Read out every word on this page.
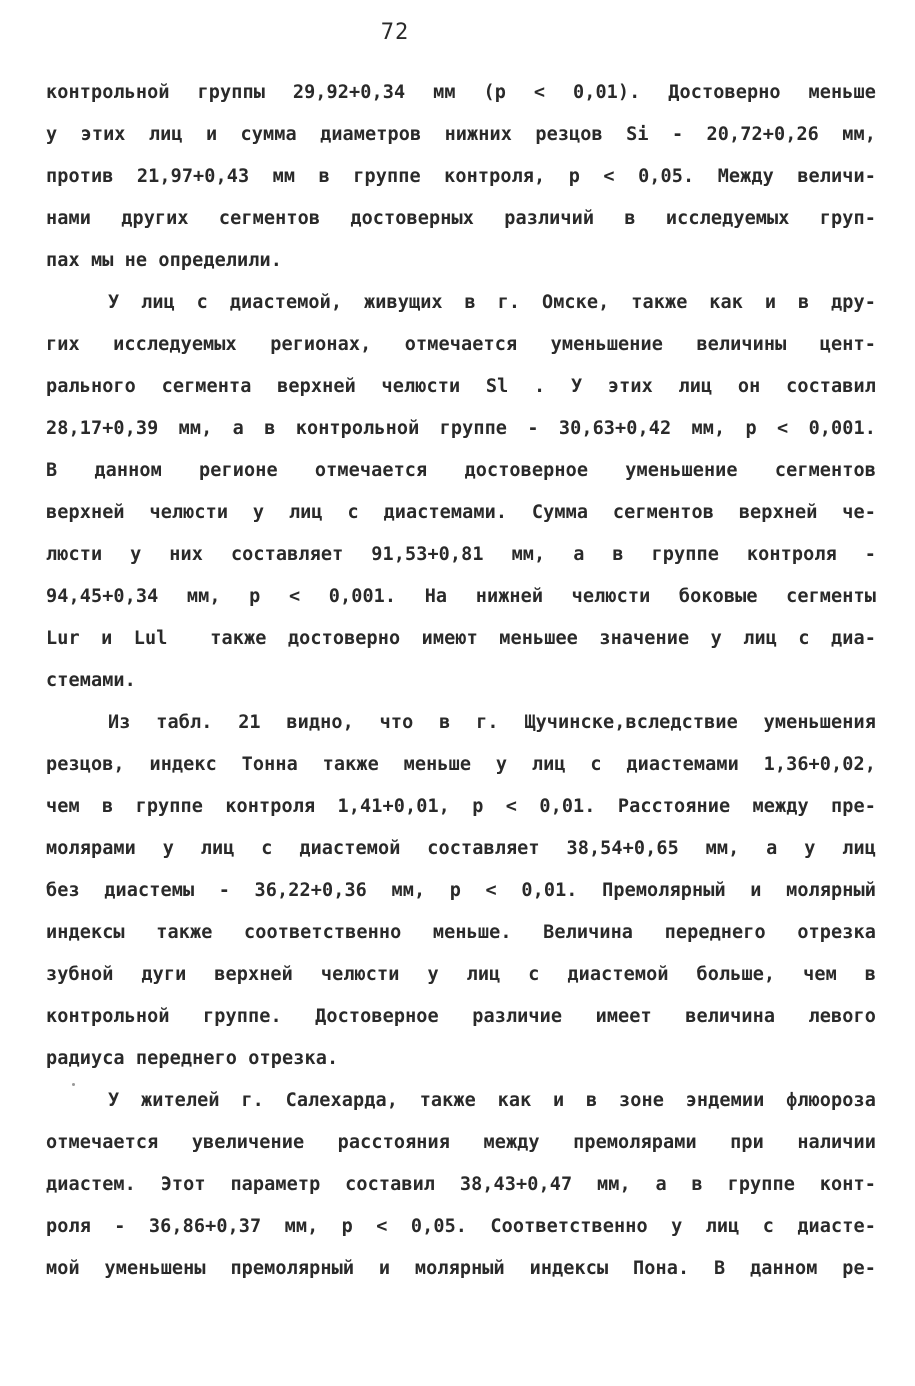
72
контрольной группы 29,92+0,34 мм (р < 0,01). Достоверно меньше
у этих лиц и сумма диаметров нижних резцов Si - 20,72+0,26 мм,
против 21,97+0,43 мм в группе контроля, р < 0,05. Между величи-
нами других сегментов достоверных различий в исследуемых груп-
пах мы не определили.
У лиц с диастемой, живущих в г. Омске, также как и в дру-
гих исследуемых регионах, отмечается уменьшение величины цент-
рального сегмента верхней челюсти Sl . У этих лиц он составил
28,17+0,39 мм, а в контрольной группе - 30,63+0,42 мм, р < 0,001.
В данном регионе отмечается достоверное уменьшение сегментов
верхней челюсти у лиц с диастемами. Сумма сегментов верхней че-
люсти у них составляет 91,53+0,81 мм, а в группе контроля -
94,45+0,34 мм, р < 0,001. На нижней челюсти боковые сегменты
Lur и Lul  также достоверно имеют меньшее значение у лиц с диа-
стемами.
Из табл. 21 видно, что в г. Щучинске,вследствие уменьшения
резцов, индекс Тонна также меньше у лиц с диастемами 1,36+0,02,
чем в группе контроля 1,41+0,01, р < 0,01. Расстояние между пре-
молярами у лиц с диастемой составляет 38,54+0,65 мм, а у лиц
без диастемы - 36,22+0,36 мм, р < 0,01. Премолярный и молярный
индексы также соответственно меньше. Величина переднего отрезка
зубной дуги верхней челюсти у лиц с диастемой больше, чем в
контрольной группе. Достоверное различие имеет величина левого
радиуса переднего отрезка.
У жителей г. Салехарда, также как и в зоне эндемии флюороза
отмечается увеличение расстояния между премолярами при наличии
диастем. Этот параметр составил 38,43+0,47 мм, а в группе конт-
роля - 36,86+0,37 мм, р < 0,05. Соответственно у лиц с диасте-
мой уменьшены премолярный и молярный индексы Пона. В данном ре-
